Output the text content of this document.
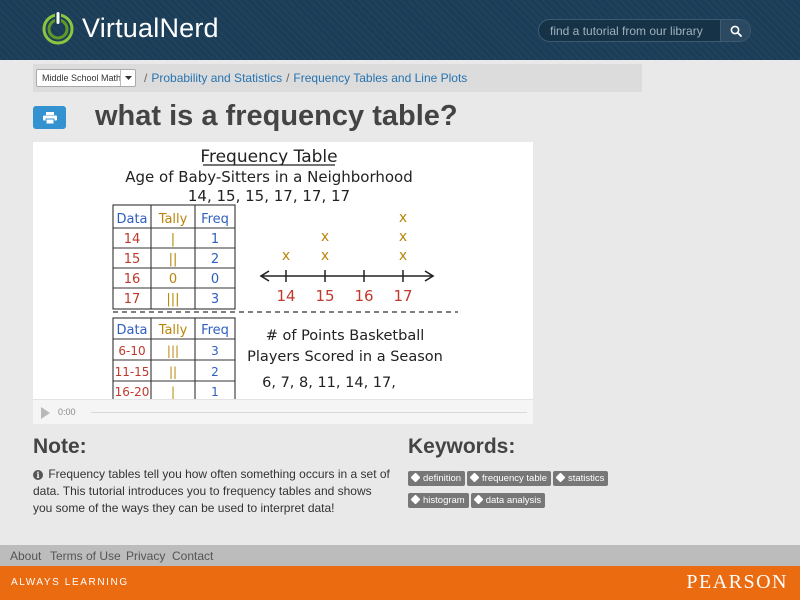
VirtualNerd
find a tutorial from our library
Middle School Math	/ Probability and Statistics / Frequency Tables and Line Plots
what is a frequency table?
Frequency Table
Age of Baby-Sitters in a Neighborhood
14, 15, 15, 17, 17, 17
Data Tally Freq
14 |	1
15 ||	2
16 0	0
17 ||| 3
x x
x
x
x
x
14 15 16 17
Data Tally Freq
6-10 |||	3
11-15 ||	2
16-20 |	1
# of Points Basketball
Players Scored in a Season
6, 7, 8, 11, 14, 17,
0:00
Note:

i Frequency tables tell you how often something occurs in a set of data. This tutorial introduces you to frequency tables and shows you some of the ways they can be used to interpret data!

Keywords:
definition frequency table statistics
histogram data analysis
About Terms of Use Privacy Contact
ALWAYS LEARNING	PEARSON
